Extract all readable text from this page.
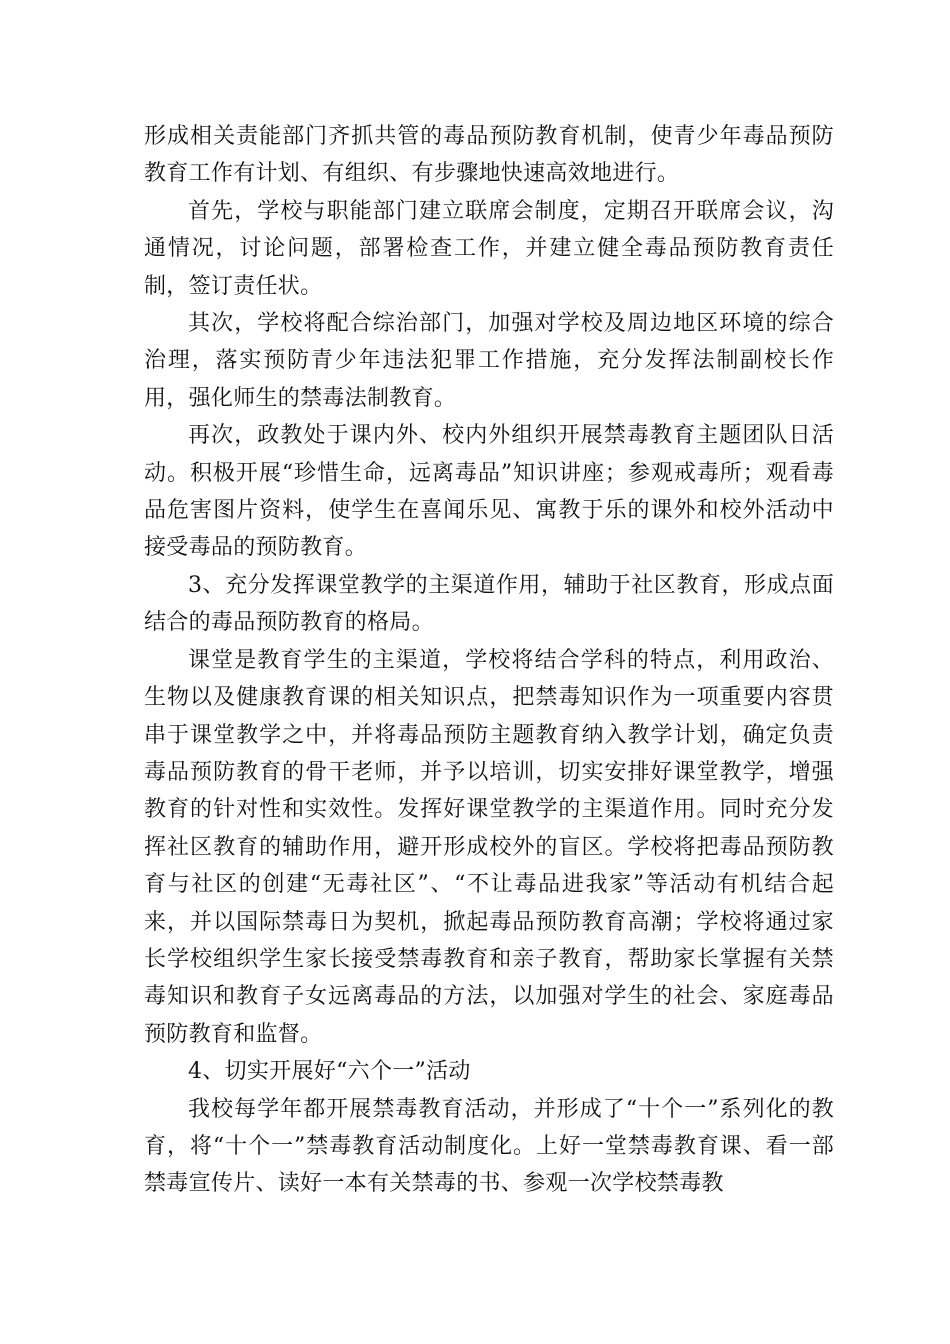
形成相关责能部门齐抓共管的毒品预防教育机制，使青少年毒品预防教育工作有计划、有组织、有步骤地快速高效地进行。

首先，学校与职能部门建立联席会制度，定期召开联席会议，沟通情况，讨论问题，部署检查工作，并建立健全毒品预防教育责任制，签订责任状。

其次，学校将配合综治部门，加强对学校及周边地区环境的综合治理，落实预防青少年违法犯罪工作措施，充分发挥法制副校长作用，强化师生的禁毒法制教育。

再次，政教处于课内外、校内外组织开展禁毒教育主题团队日活动。积极开展“珍惜生命，远离毒品”知识讲座；参观戒毒所；观看毒品危害图片资料，使学生在喜闻乐见、寓教于乐的课外和校外活动中接受毒品的预防教育。

3、充分发挥课堂教学的主渠道作用，辅助于社区教育，形成点面结合的毒品预防教育的格局。

课堂是教育学生的主渠道，学校将结合学科的特点，利用政治、生物以及健康教育课的相关知识点，把禁毒知识作为一项重要内容贯串于课堂教学之中，并将毒品预防主题教育纳入教学计划，确定负责毒品预防教育的骨干老师，并予以培训，切实安排好课堂教学，增强教育的针对性和实效性。发挥好课堂教学的主渠道作用。同时充分发挥社区教育的辅助作用，避开形成校外的盲区。学校将把毒品预防教育与社区的创建“无毒社区”、“不让毒品进我家”等活动有机结合起来，并以国际禁毒日为契机，掀起毒品预防教育高潮；学校将通过家长学校组织学生家长接受禁毒教育和亲子教育，帮助家长掌握有关禁毒知识和教育子女远离毒品的方法，以加强对学生的社会、家庭毒品预防教育和监督。

4、切实开展好“六个一”活动

我校每学年都开展禁毒教育活动，并形成了“十个一”系列化的教育，将“十个一”禁毒教育活动制度化。上好一堂禁毒教育课、看一部禁毒宣传片、读好一本有关禁毒的书、参观一次学校禁毒教
